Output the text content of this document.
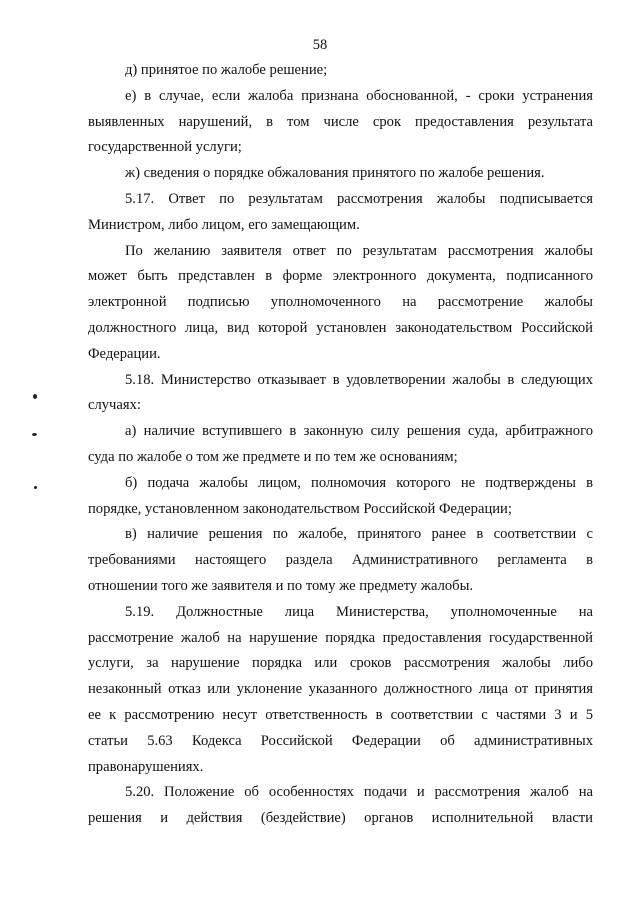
58
д) принятое по жалобе решение;
е) в случае, если жалоба признана обоснованной, - сроки устранения
выявленных нарушений, в том числе срок предоставления результата
государственной услуги;
ж) сведения о порядке обжалования принятого по жалобе решения.
5.17. Ответ по результатам рассмотрения жалобы подписывается
Министром, либо лицом, его замещающим.
По желанию заявителя ответ по результатам рассмотрения жалобы
может быть представлен в форме электронного документа, подписанного
электронной подписью уполномоченного на рассмотрение жалобы
должностного лица, вид которой установлен законодательством Российской
Федерации.
5.18. Министерство отказывает в удовлетворении жалобы в следующих
случаях:
а) наличие вступившего в законную силу решения суда, арбитражного
суда по жалобе о том же предмете и по тем же основаниям;
б) подача жалобы лицом, полномочия которого не подтверждены в
порядке, установленном законодательством Российской Федерации;
в) наличие решения по жалобе, принятого ранее в соответствии с
требованиями настоящего раздела Административного регламента в
отношении того же заявителя и по тому же предмету жалобы.
5.19. Должностные лица Министерства, уполномоченные на
рассмотрение жалоб на нарушение порядка предоставления государственной
услуги, за нарушение порядка или сроков рассмотрения жалобы либо
незаконный отказ или уклонение указанного должностного лица от принятия
ее к рассмотрению несут ответственность в соответствии с частями 3 и 5
статьи 5.63 Кодекса Российской Федерации об административных
правонарушениях.
5.20. Положение об особенностях подачи и рассмотрения жалоб на
решения и действия (бездействие) органов исполнительной власти
